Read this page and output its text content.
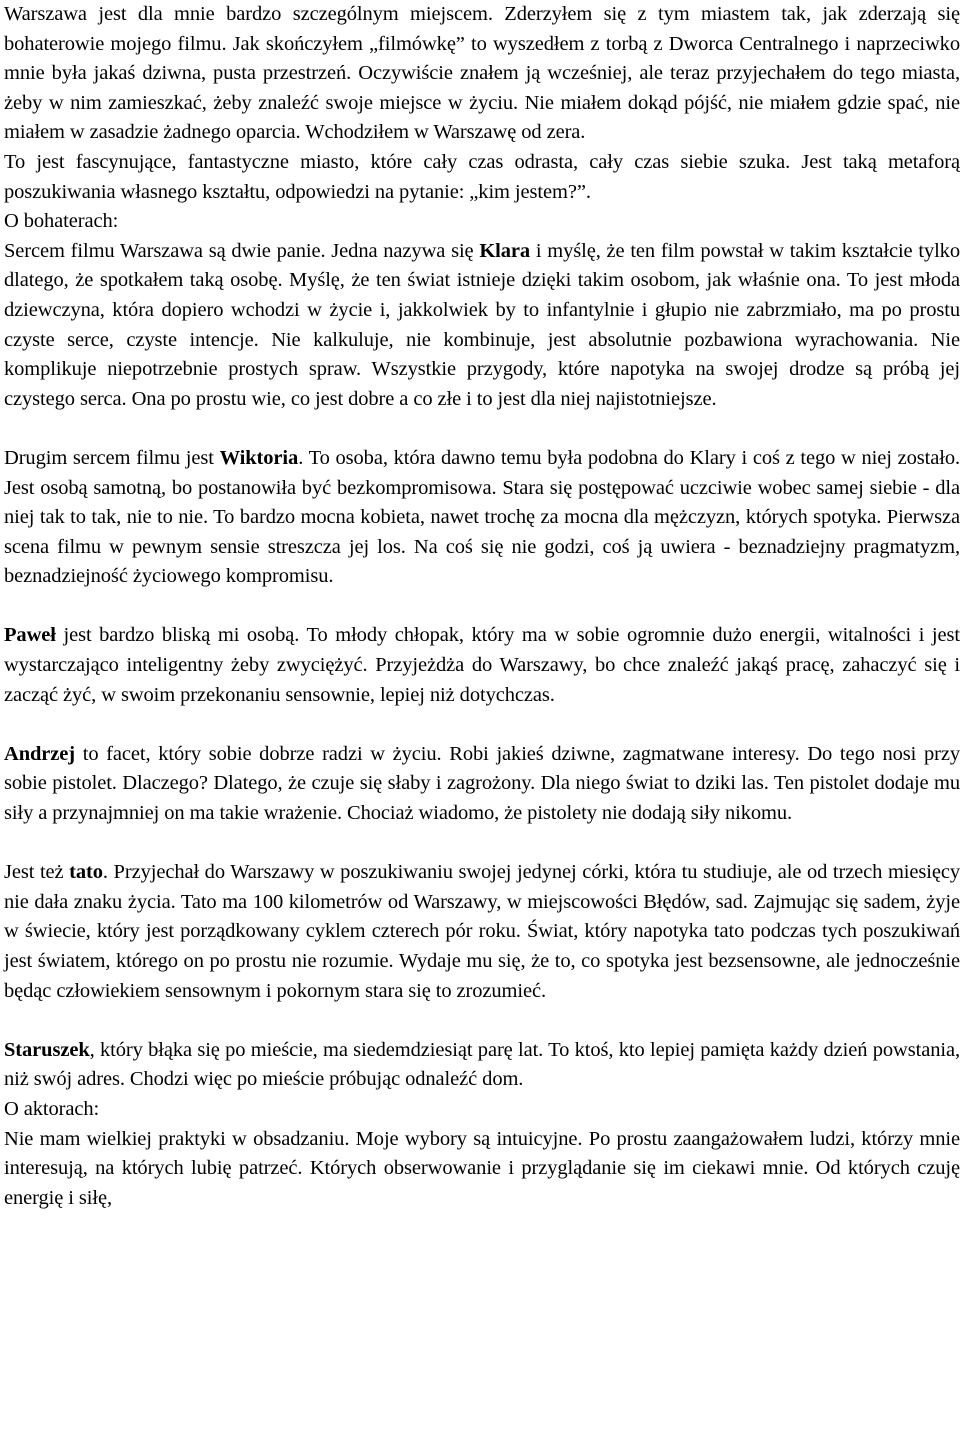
Warszawa jest dla mnie bardzo szczególnym miejscem. Zderzyłem się z tym miastem tak, jak zderzają się bohaterowie mojego filmu. Jak skończyłem „filmówkę” to wyszedłem z torbą z Dworca Centralnego i naprzeciwko mnie była jakaś dziwna, pusta przestrzeń. Oczywiście znałem ją wcześniej, ale teraz przyjechałem do tego miasta, żeby w nim zamieszkać, żeby znaleźć swoje miejsce w życiu. Nie miałem dokąd pójść, nie miałem gdzie spać, nie miałem w zasadzie żadnego oparcia. Wchodziłem w Warszawę od zera.

To jest fascynujące, fantastyczne miasto, które cały czas odrasta, cały czas siebie szuka. Jest taką metaforą poszukiwania własnego kształtu, odpowiedzi na pytanie: „kim jestem?”.

O bohaterach:

Sercem filmu Warszawa są dwie panie. Jedna nazywa się Klara i myślę, że ten film powstał w takim kształcie tylko dlatego, że spotkałem taką osobę. Myślę, że ten świat istnieje dzięki takim osobom, jak właśnie ona. To jest młoda dziewczyna, która dopiero wchodzi w życie i, jakkolwiek by to infantylnie i głupio nie zabrzmiało, ma po prostu czyste serce, czyste intencje. Nie kalkuluje, nie kombinuje, jest absolutnie pozbawiona wyrachowania. Nie komplikuje niepotrzebnie prostych spraw. Wszystkie przygody, które napotyka na swojej drodze są próbą jej czystego serca. Ona po prostu wie, co jest dobre a co złe i to jest dla niej najistotniejsze.

Drugim sercem filmu jest Wiktoria. To osoba, która dawno temu była podobna do Klary i coś z tego w niej zostało. Jest osobą samotną, bo postanowiła być bezkompromisowa. Stara się postępować uczciwie wobec samej siebie - dla niej tak to tak, nie to nie. To bardzo mocna kobieta, nawet trochę za mocna dla mężczyzn, których spotyka. Pierwsza scena filmu w pewnym sensie streszcza jej los. Na coś się nie godzi, coś ją uwiera - beznadziejny pragmatyzm, beznadziejność życiowego kompromisu.

Paweł jest bardzo bliską mi osobą. To młody chłopak, który ma w sobie ogromnie dużo energii, witalności i jest wystarczająco inteligentny żeby zwyciężyć. Przyjeżdża do Warszawy, bo chce znaleźć jakąś pracę, zahaczyć się i zacząć żyć, w swoim przekonaniu sensownie, lepiej niż dotychczas.

Andrzej to facet, który sobie dobrze radzi w życiu. Robi jakieś dziwne, zagmatwane interesy. Do tego nosi przy sobie pistolet. Dlaczego? Dlatego, że czuje się słaby i zagrożony. Dla niego świat to dziki las. Ten pistolet dodaje mu siły a przynajmniej on ma takie wrażenie. Chociaż wiadomo, że pistolety nie dodają siły nikomu.

Jest też tato. Przyjechał do Warszawy w poszukiwaniu swojej jedynej córki, która tu studiuje, ale od trzech miesięcy nie dała znaku życia. Tato ma 100 kilometrów od Warszawy, w miejscowości Błędów, sad. Zajmując się sadem, żyje w świecie, który jest porządkowany cyklem czterech pór roku. Świat, który napotyka tato podczas tych poszukiwań jest światem, którego on po prostu nie rozumie. Wydaje mu się, że to, co spotyka jest bezsensowne, ale jednocześnie będąc człowiekiem sensownym i pokornym stara się to zrozumieć.

Staruszek, który błąka się po mieście, ma siedemdziesiąt parę lat. To ktoś, kto lepiej pamięta każdy dzień powstania, niż swój adres. Chodzi więc po mieście próbując odnaleźć dom.

O aktorach:

Nie mam wielkiej praktyki w obsadzaniu. Moje wybory są intuicyjne. Po prostu zaangażowałem ludzi, którzy mnie interesują, na których lubię patrzeć. Których obserwowanie i przyglądanie się im ciekawi mnie. Od których czuję energię i siłę,
